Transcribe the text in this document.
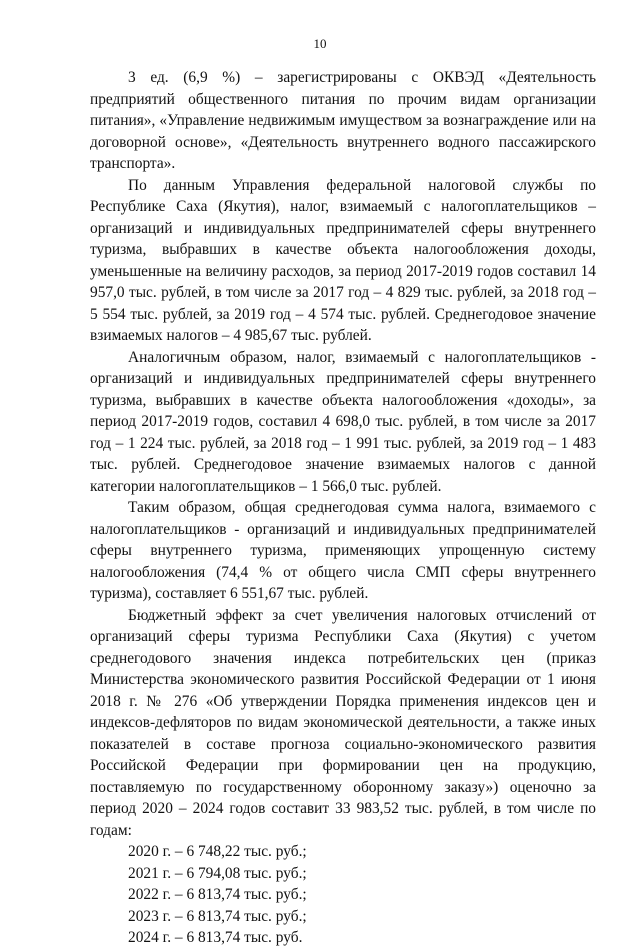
10

3 ед. (6,9 %) – зарегистрированы с ОКВЭД «Деятельность предприятий общественного питания по прочим видам организации питания», «Управление недвижимым имуществом за вознаграждение или на договорной основе», «Деятельность внутреннего водного пассажирского транспорта».

По данным Управления федеральной налоговой службы по Республике Саха (Якутия), налог, взимаемый с налогоплательщиков – организаций и индивидуальных предпринимателей сферы внутреннего туризма, выбравших в качестве объекта налогообложения доходы, уменьшенные на величину расходов, за период 2017-2019 годов составил 14 957,0 тыс. рублей, в том числе за 2017 год – 4 829 тыс. рублей, за 2018 год – 5 554 тыс. рублей, за 2019 год – 4 574 тыс. рублей. Среднегодовое значение взимаемых налогов – 4 985,67 тыс. рублей.

Аналогичным образом, налог, взимаемый с налогоплательщиков - организаций и индивидуальных предпринимателей сферы внутреннего туризма, выбравших в качестве объекта налогообложения «доходы», за период 2017-2019 годов, составил 4 698,0 тыс. рублей, в том числе за 2017 год – 1 224 тыс. рублей, за 2018 год – 1 991 тыс. рублей, за 2019 год – 1 483 тыс. рублей. Среднегодовое значение взимаемых налогов с данной категории налогоплательщиков – 1 566,0 тыс. рублей.

Таким образом, общая среднегодовая сумма налога, взимаемого с налогоплательщиков - организаций и индивидуальных предпринимателей сферы внутреннего туризма, применяющих упрощенную систему налогообложения (74,4 % от общего числа СМП сферы внутреннего туризма), составляет 6 551,67 тыс. рублей.

Бюджетный эффект за счет увеличения налоговых отчислений от организаций сферы туризма Республики Саха (Якутия) с учетом среднегодового значения индекса потребительских цен (приказ Министерства экономического развития Российской Федерации от 1 июня 2018 г. № 276 «Об утверждении Порядка применения индексов цен и индексов-дефляторов по видам экономической деятельности, а также иных показателей в составе прогноза социально-экономического развития Российской Федерации при формировании цен на продукцию, поставляемую по государственному оборонному заказу») оценочно за период 2020 – 2024 годов составит 33 983,52 тыс. рублей, в том числе по годам:

2020 г. – 6 748,22 тыс. руб.;
2021 г. – 6 794,08 тыс. руб.;
2022 г. – 6 813,74 тыс. руб.;
2023 г. – 6 813,74 тыс. руб.;
2024 г. – 6 813,74 тыс. руб.
